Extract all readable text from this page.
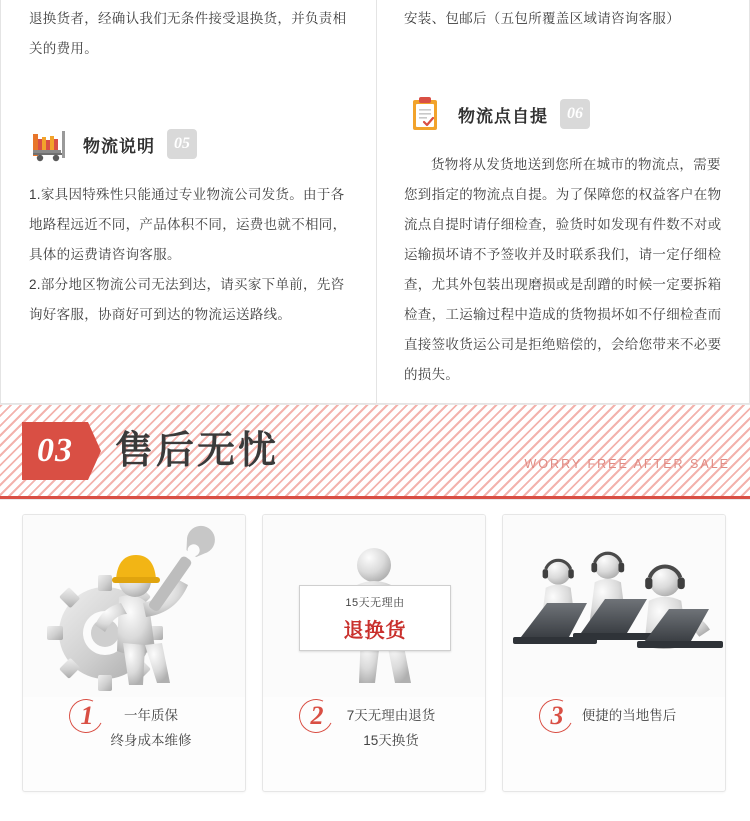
退换货者，经确认我们无条件接受退换货，并负责相关的费用。

物流说明	05

1.家具因特殊性只能通过专业物流公司发货。由于各地路程远近不同，产品体积不同，运费也就不相同，具体的运费请咨询客服。

2.部分地区物流公司无法到达，请买家下单前，先咨询好客服，协商好可到达的物流运送路线。

安装、包邮后（五包所覆盖区域请咨询客服）

物流点自提	06

货物将从发货地送到您所在城市的物流点，需要您到指定的物流点自提。为了保障您的权益客户在物流点自提时请仔细检查，验货时如发现有件数不对或运输损坏请不予签收并及时联系我们，请一定仔细检查，尤其外包装出现磨损或是刮蹭的时候一定要拆箱检查，工运输过程中造成的货物损坏如不仔细检查而直接签收货运公司是拒绝赔偿的，会给您带来不必要的损失。

03	售后无忧	WORRY FREE AFTER SALE
1	一年质保
终身成本维修
15天无理由
退换货
2	7天无理由退货
15天换货
3	便捷的当地售后
